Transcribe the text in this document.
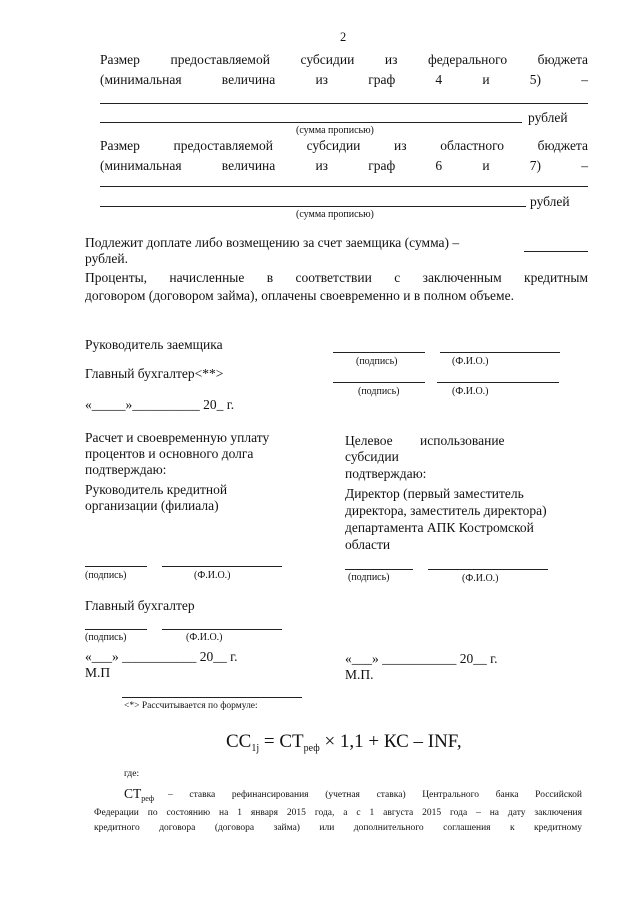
2
Размер предоставляемой субсидии из федерального бюджета
(минимальная величина из граф 4 и 5) –
рублей
(сумма прописью)
Размер предоставляемой субсидии из областного бюджета
(минимальная величина из граф 6 и 7) –
рублей
(сумма прописью)
Подлежит доплате либо возмещению за счет заемщика (сумма) –
рублей.
Проценты, начисленные в соответствии с заключенным кредитным
договором (договором займа), оплачены своевременно и в полном объеме.
Руководитель заемщика
(подпись)	(Ф.И.О.)
Главный бухгалтер<**>
(подпись)	(Ф.И.О.)
«_____»__________ 20_ г.
Расчет и своевременную уплату
процентов и основного долга
подтверждаю:
Руководитель кредитной
организации (филиала)
(подпись)	(Ф.И.О.)
Главный бухгалтер
(подпись)	(Ф.И.О.)
«___» ___________ 20__ г.
М.П
Целевое использование
субсидии
подтверждаю:
Директор (первый заместитель
директора, заместитель директора)
департамента АПК Костромской
области
(подпись)	(Ф.И.О.)
«___» ___________ 20__ г.
М.П.
<*> Рассчитывается по формуле:
$СС_{1j} = СТ_{реф} \times 1,1$ + КС – INF,
где:
$СТ_{реф}$ – ставка рефинансирования (учетная ставка) Центрального банка Российской
Федерации по состоянию на 1 января 2015 года, а с 1 августа 2015 года – на дату заключения
кредитного договора (договора займа) или дополнительного соглашения к кредитному
